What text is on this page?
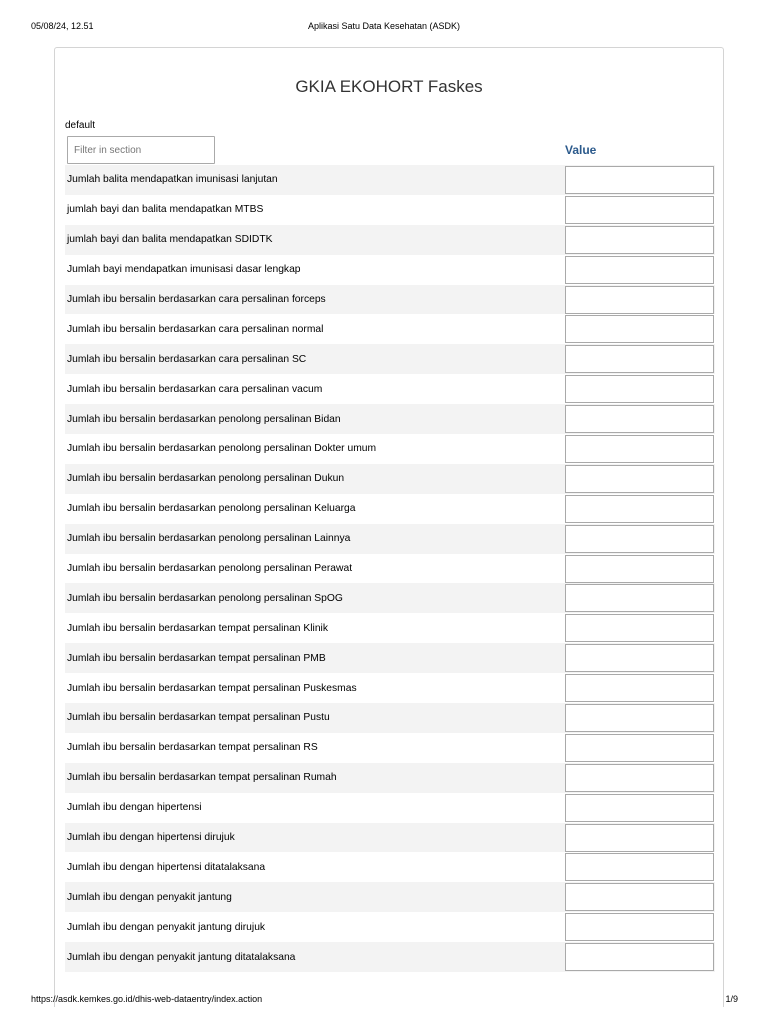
05/08/24, 12.51	Aplikasi Satu Data Kesehatan (ASDK)
GKIA EKOHORT Faskes
default
Filter in section
Value
Jumlah balita mendapatkan imunisasi lanjutan
jumlah bayi dan balita mendapatkan MTBS
jumlah bayi dan balita mendapatkan SDIDTK
Jumlah bayi mendapatkan imunisasi dasar lengkap
Jumlah ibu bersalin berdasarkan cara persalinan forceps
Jumlah ibu bersalin berdasarkan cara persalinan normal
Jumlah ibu bersalin berdasarkan cara persalinan SC
Jumlah ibu bersalin berdasarkan cara persalinan vacum
Jumlah ibu bersalin berdasarkan penolong persalinan Bidan
Jumlah ibu bersalin berdasarkan penolong persalinan Dokter umum
Jumlah ibu bersalin berdasarkan penolong persalinan Dukun
Jumlah ibu bersalin berdasarkan penolong persalinan Keluarga
Jumlah ibu bersalin berdasarkan penolong persalinan Lainnya
Jumlah ibu bersalin berdasarkan penolong persalinan Perawat
Jumlah ibu bersalin berdasarkan penolong persalinan SpOG
Jumlah ibu bersalin berdasarkan tempat persalinan Klinik
Jumlah ibu bersalin berdasarkan tempat persalinan PMB
Jumlah ibu bersalin berdasarkan tempat persalinan Puskesmas
Jumlah ibu bersalin berdasarkan tempat persalinan Pustu
Jumlah ibu bersalin berdasarkan tempat persalinan RS
Jumlah ibu bersalin berdasarkan tempat persalinan Rumah
Jumlah ibu dengan hipertensi
Jumlah ibu dengan hipertensi dirujuk
Jumlah ibu dengan hipertensi ditatalaksana
Jumlah ibu dengan penyakit jantung
Jumlah ibu dengan penyakit jantung dirujuk
Jumlah ibu dengan penyakit jantung ditatalaksana
https://asdk.kemkes.go.id/dhis-web-dataentry/index.action	1/9
